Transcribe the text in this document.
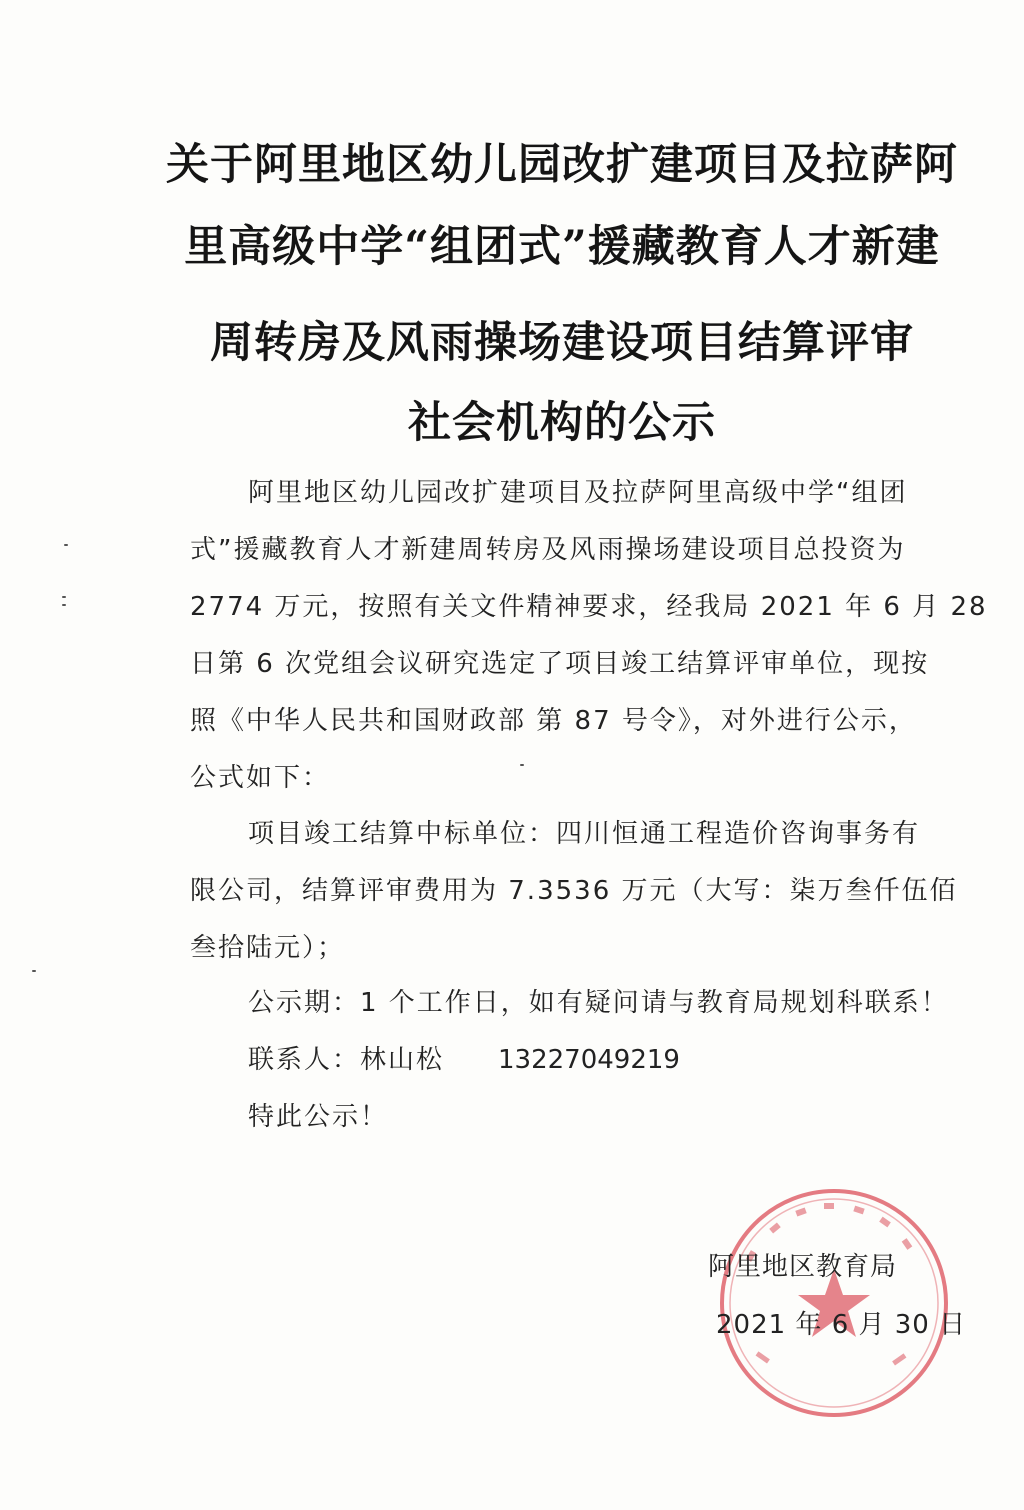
关于阿里地区幼儿园改扩建项目及拉萨阿
里高级中学“组团式”援藏教育人才新建
周转房及风雨操场建设项目结算评审
社会机构的公示
阿里地区幼儿园改扩建项目及拉萨阿里高级中学“组团
式”援藏教育人才新建周转房及风雨操场建设项目总投资为
2774 万元，按照有关文件精神要求，经我局 2021 年 6 月 28
日第 6 次党组会议研究选定了项目竣工结算评审单位，现按
照《中华人民共和国财政部 第 87 号令》，对外进行公示，
公式如下：
项目竣工结算中标单位：四川恒通工程造价咨询事务有
限公司，结算评审费用为 7.3536 万元（大写：柒万叁仟伍佰
叁拾陆元）；
公示期：1 个工作日，如有疑问请与教育局规划科联系！
联系人：林山松 13227049219
特此公示！
阿里地区教育局
2021 年 6 月 30 日
